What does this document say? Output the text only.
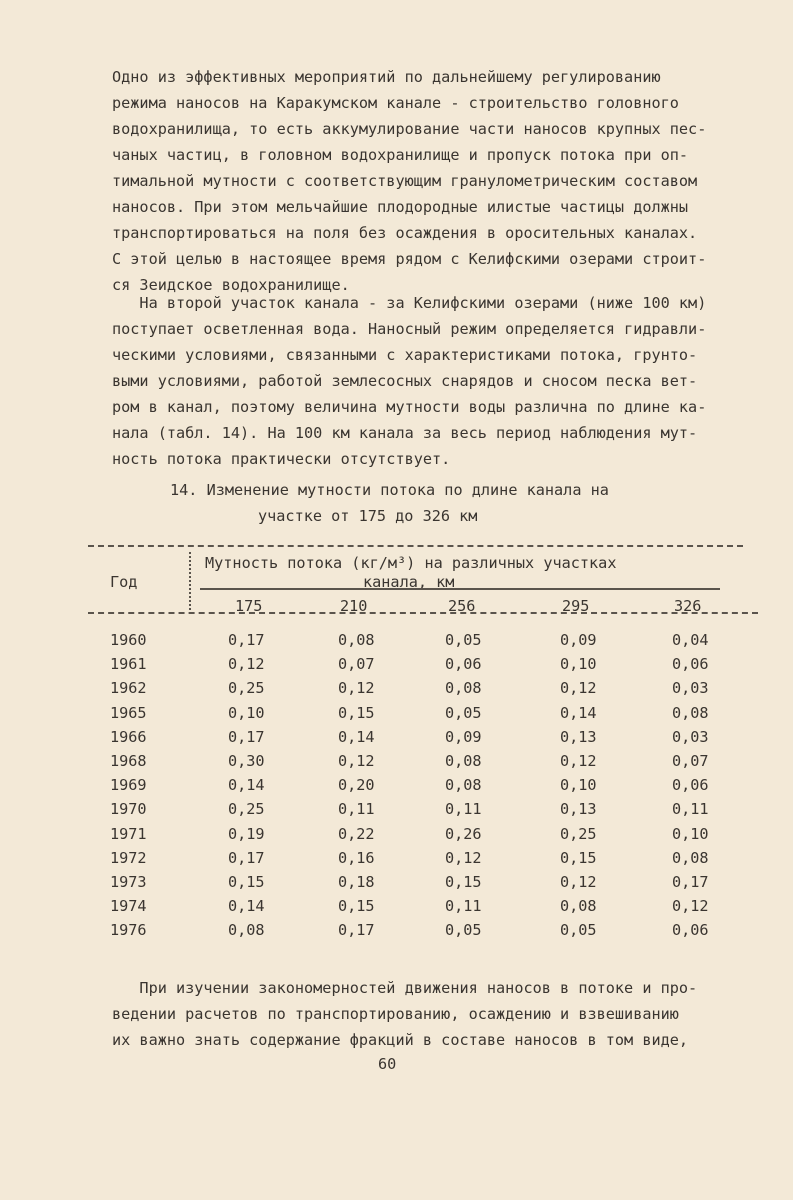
Одно из эффективных мероприятий по дальнейшему регулированию
режима наносов на Каракумском канале - строительство головного
водохранилища, то есть аккумулирование части наносов крупных пес-
чаных частиц, в головном водохранилище и пропуск потока при оп-
тимальной мутности с соответствующим гранулометрическим составом
наносов. При этом мельчайшие плодородные илистые частицы должны
транспортироваться на поля без осаждения в оросительных каналах.
С этой целью в настоящее время рядом с Келифскими озерами строит-
ся Зеидское водохранилище.
На второй участок канала - за Келифскими озерами (ниже 100 км)
поступает осветленная вода. Наносный режим определяется гидравли-
ческими условиями, связанными с характеристиками потока, грунто-
выми условиями, работой землесосных снарядов и сносом песка вет-
ром в канал, поэтому величина мутности воды различна по длине ка-
нала (табл. 14). На 100 км канала за весь период наблюдения мут-
ность потока практически отсутствует.
14. Изменение мутности потока по длине канала на
участке от 175 до 326 км
Год
Мутность потока (кг/м³) на различных участках
канала, км
175	210	256	295	326
1960	0,17	0,08	0,05	0,09	0,04
1961	0,12	0,07	0,06	0,10	0,06
1962	0,25	0,12	0,08	0,12	0,03
1965	0,10	0,15	0,05	0,14	0,08
1966	0,17	0,14	0,09	0,13	0,03
1968	0,30	0,12	0,08	0,12	0,07
1969	0,14	0,20	0,08	0,10	0,06
1970	0,25	0,11	0,11	0,13	0,11
1971	0,19	0,22	0,26	0,25	0,10
1972	0,17	0,16	0,12	0,15	0,08
1973	0,15	0,18	0,15	0,12	0,17
1974	0,14	0,15	0,11	0,08	0,12
1976	0,08	0,17	0,05	0,05	0,06
При изучении закономерностей движения наносов в потоке и про-
ведении расчетов по транспортированию, осаждению и взвешиванию
их важно знать содержание фракций в составе наносов в том виде,
60
